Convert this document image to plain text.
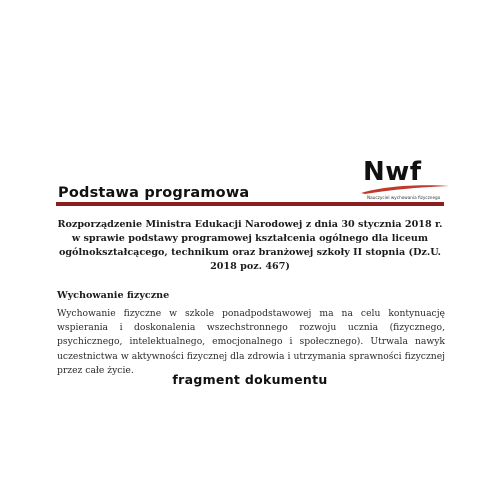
Nwf
Nauczyciel wychowania fizycznego
Podstawa programowa

Rozporządzenie Ministra Edukacji Narodowej z dnia 30 stycznia 2018 r. w sprawie podstawy programowej kształcenia ogólnego dla liceum ogólnokształcącego, technikum oraz branżowej szkoły II stopnia (Dz.U. 2018 poz. 467)

Wychowanie fizyczne

Wychowanie fizyczne w szkole ponadpodstawowej ma na celu kontynuację wspierania i doskonalenia wszechstronnego rozwoju ucznia (fizycznego, psychicznego, intelektualnego, emocjonalnego i społecznego). Utrwala nawyk uczestnictwa w aktywności fizycznej dla zdrowia i utrzymania sprawności fizycznej przez całe życie.

fragment dokumentu
